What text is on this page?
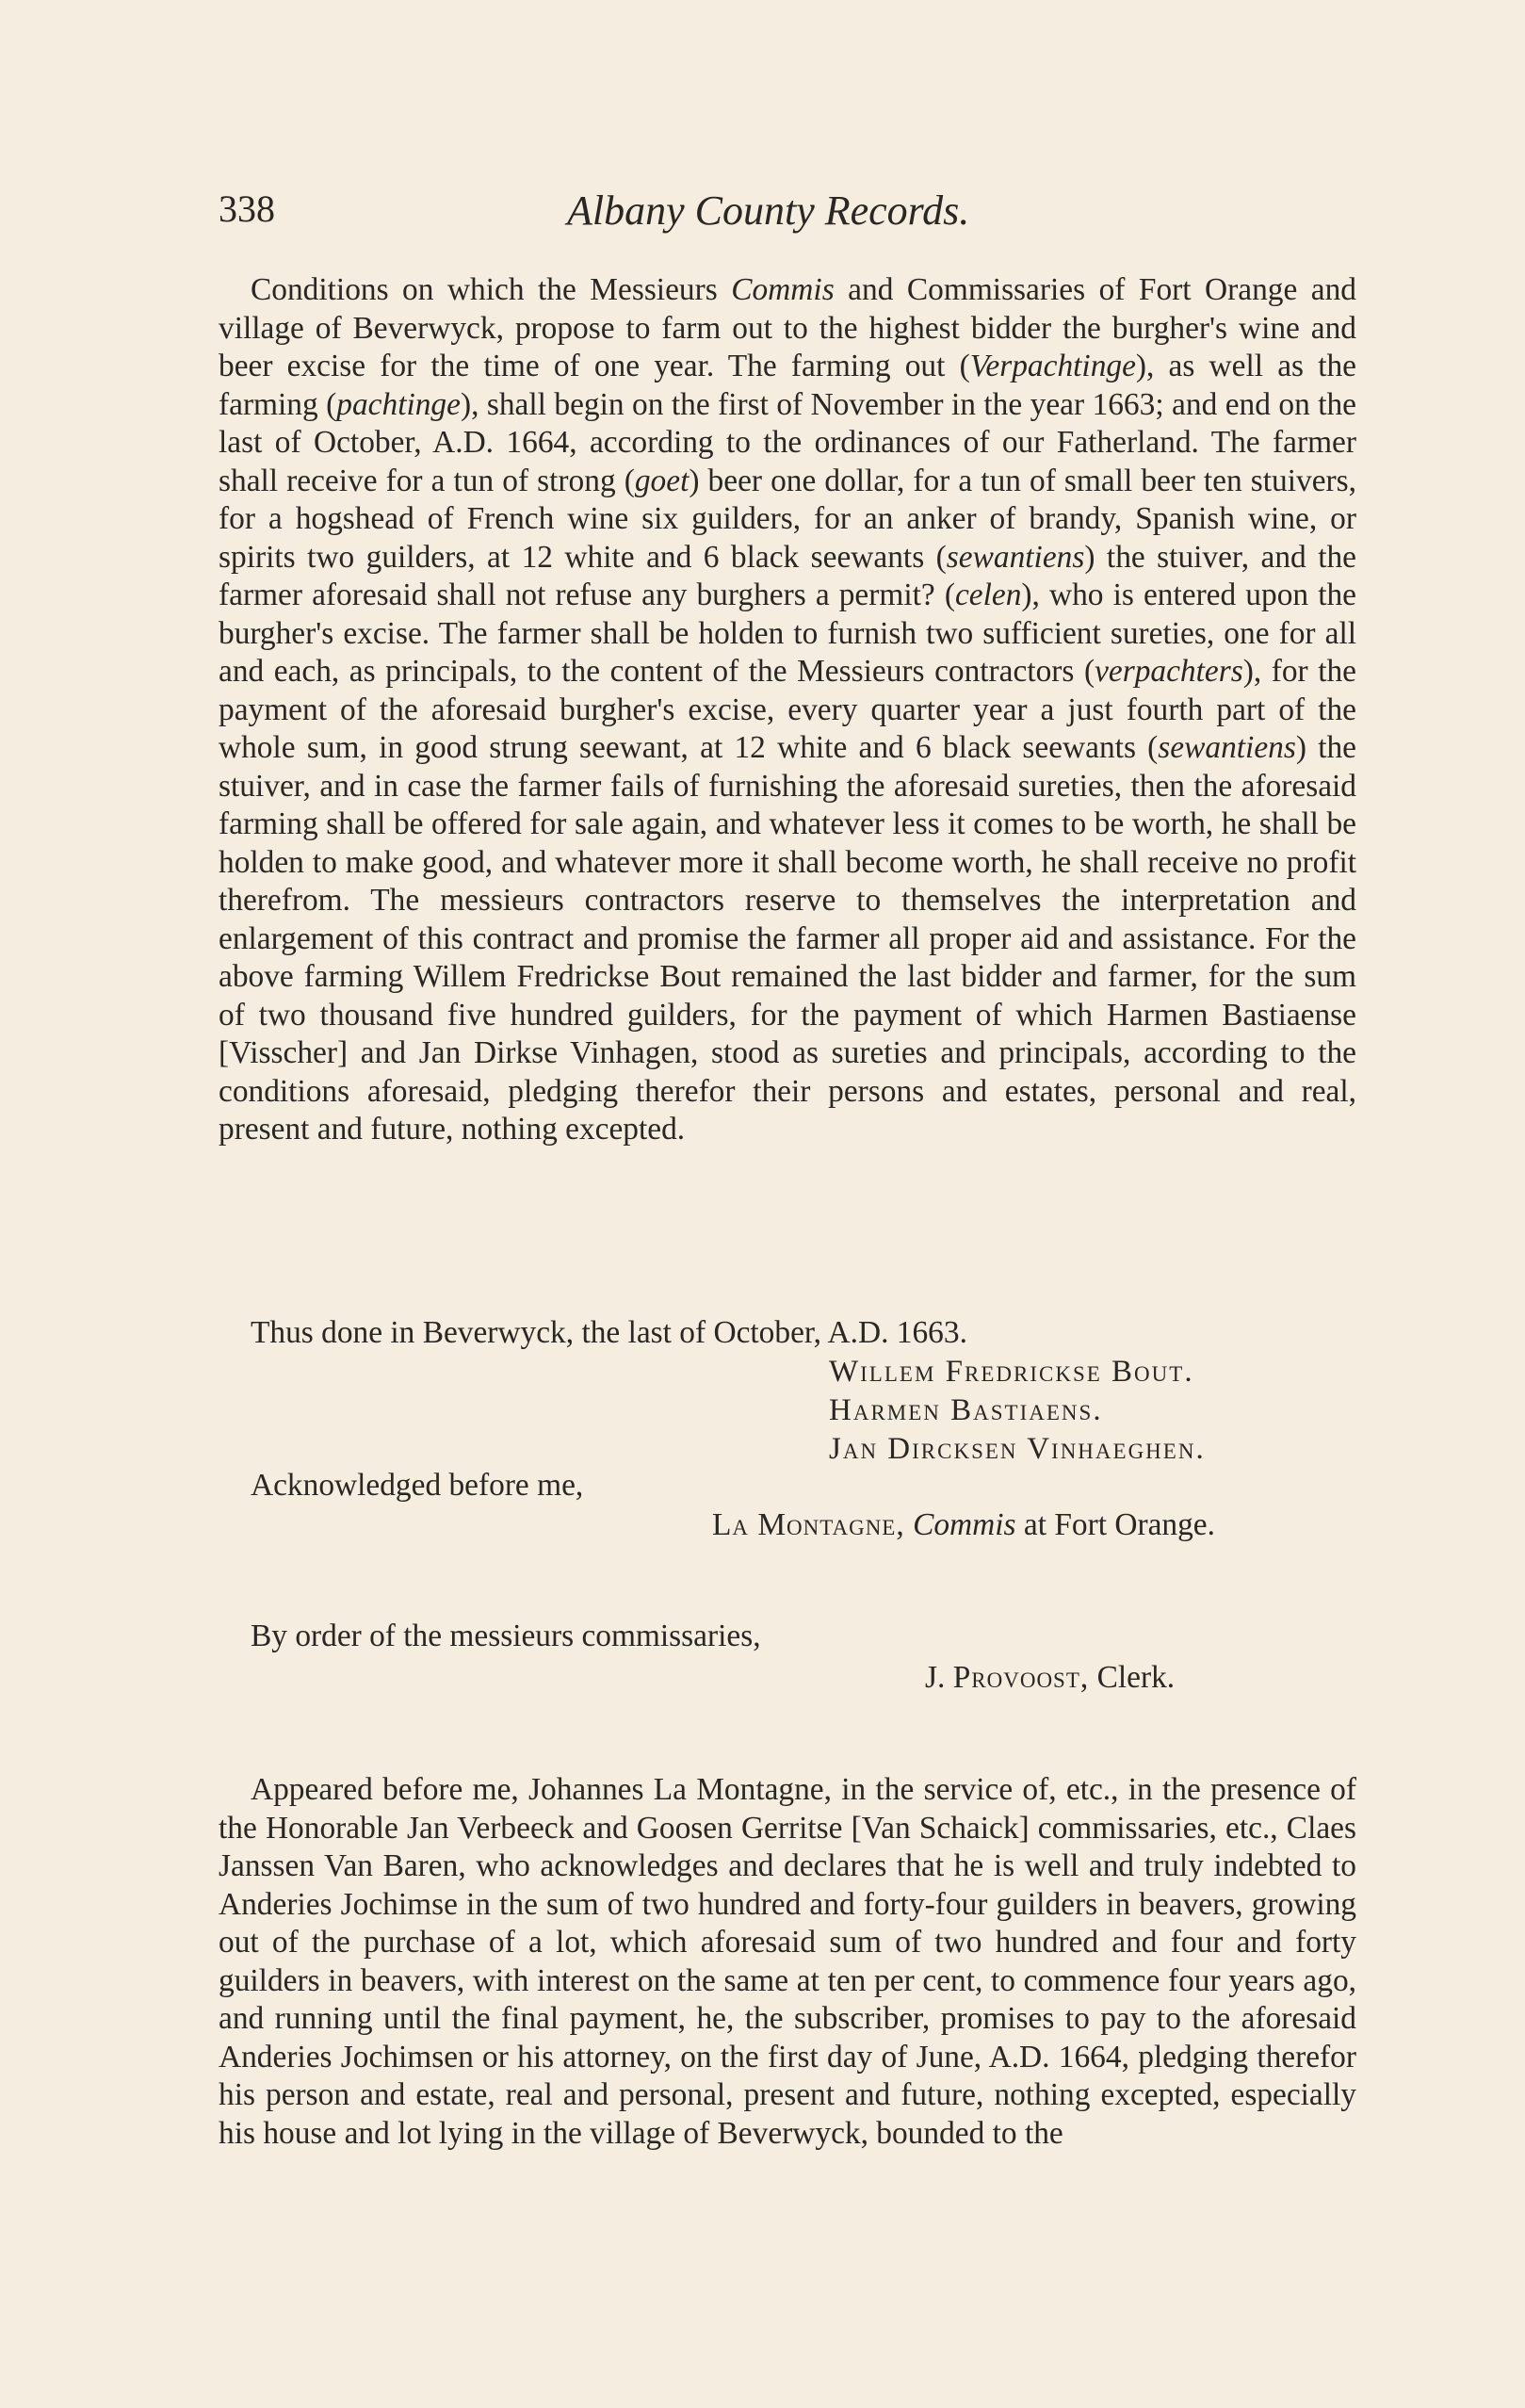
338	Albany County Records.

Conditions on which the Messieurs Commis and Commissaries of Fort Orange and village of Beverwyck, propose to farm out to the highest bidder the burgher's wine and beer excise for the time of one year. The farming out (Verpachtinge), as well as the farming (pachtinge), shall begin on the first of November in the year 1663; and end on the last of October, A.D. 1664, according to the ordinances of our Fatherland. The farmer shall receive for a tun of strong (goet) beer one dollar, for a tun of small beer ten stuivers, for a hogshead of French wine six guilders, for an anker of brandy, Spanish wine, or spirits two guilders, at 12 white and 6 black seewants (sewantiens) the stuiver, and the farmer aforesaid shall not refuse any burghers a permit? (celen), who is entered upon the burgher's excise. The farmer shall be holden to furnish two sufficient sureties, one for all and each, as principals, to the content of the Messieurs contractors (verpachters), for the payment of the aforesaid burgher's excise, every quarter year a just fourth part of the whole sum, in good strung seewant, at 12 white and 6 black seewants (sewantiens) the stuiver, and in case the farmer fails of furnishing the aforesaid sureties, then the aforesaid farming shall be offered for sale again, and whatever less it comes to be worth, he shall be holden to make good, and whatever more it shall become worth, he shall receive no profit therefrom. The messieurs contractors reserve to themselves the interpretation and enlargement of this contract and promise the farmer all proper aid and assistance. For the above farming Willem Fredrickse Bout remained the last bidder and farmer, for the sum of two thousand five hundred guilders, for the payment of which Harmen Bastiaense [Visscher] and Jan Dirkse Vinhagen, stood as sureties and principals, according to the conditions aforesaid, pledging therefor their persons and estates, personal and real, present and future, nothing excepted.

Thus done in Beverwyck, the last of October, A.D. 1663.
Willem Fredrickse Bout.
Harmen Bastiaens.
Jan Dircksen Vinhaeghen.
Acknowledged before me,
La Montagne, Commis at Fort Orange.
By order of the messieurs commissaries,
J. Provoost, Clerk.

Appeared before me, Johannes La Montagne, in the service of, etc., in the presence of the Honorable Jan Verbeeck and Goosen Gerritse [Van Schaick] commissaries, etc., Claes Janssen Van Baren, who acknowledges and declares that he is well and truly indebted to Anderies Jochimse in the sum of two hundred and forty-four guilders in beavers, growing out of the purchase of a lot, which aforesaid sum of two hundred and four and forty guilders in beavers, with interest on the same at ten per cent, to commence four years ago, and running until the final payment, he, the subscriber, promises to pay to the aforesaid Anderies Jochimsen or his attorney, on the first day of June, A.D. 1664, pledging therefor his person and estate, real and personal, present and future, nothing excepted, especially his house and lot lying in the village of Beverwyck, bounded to the
